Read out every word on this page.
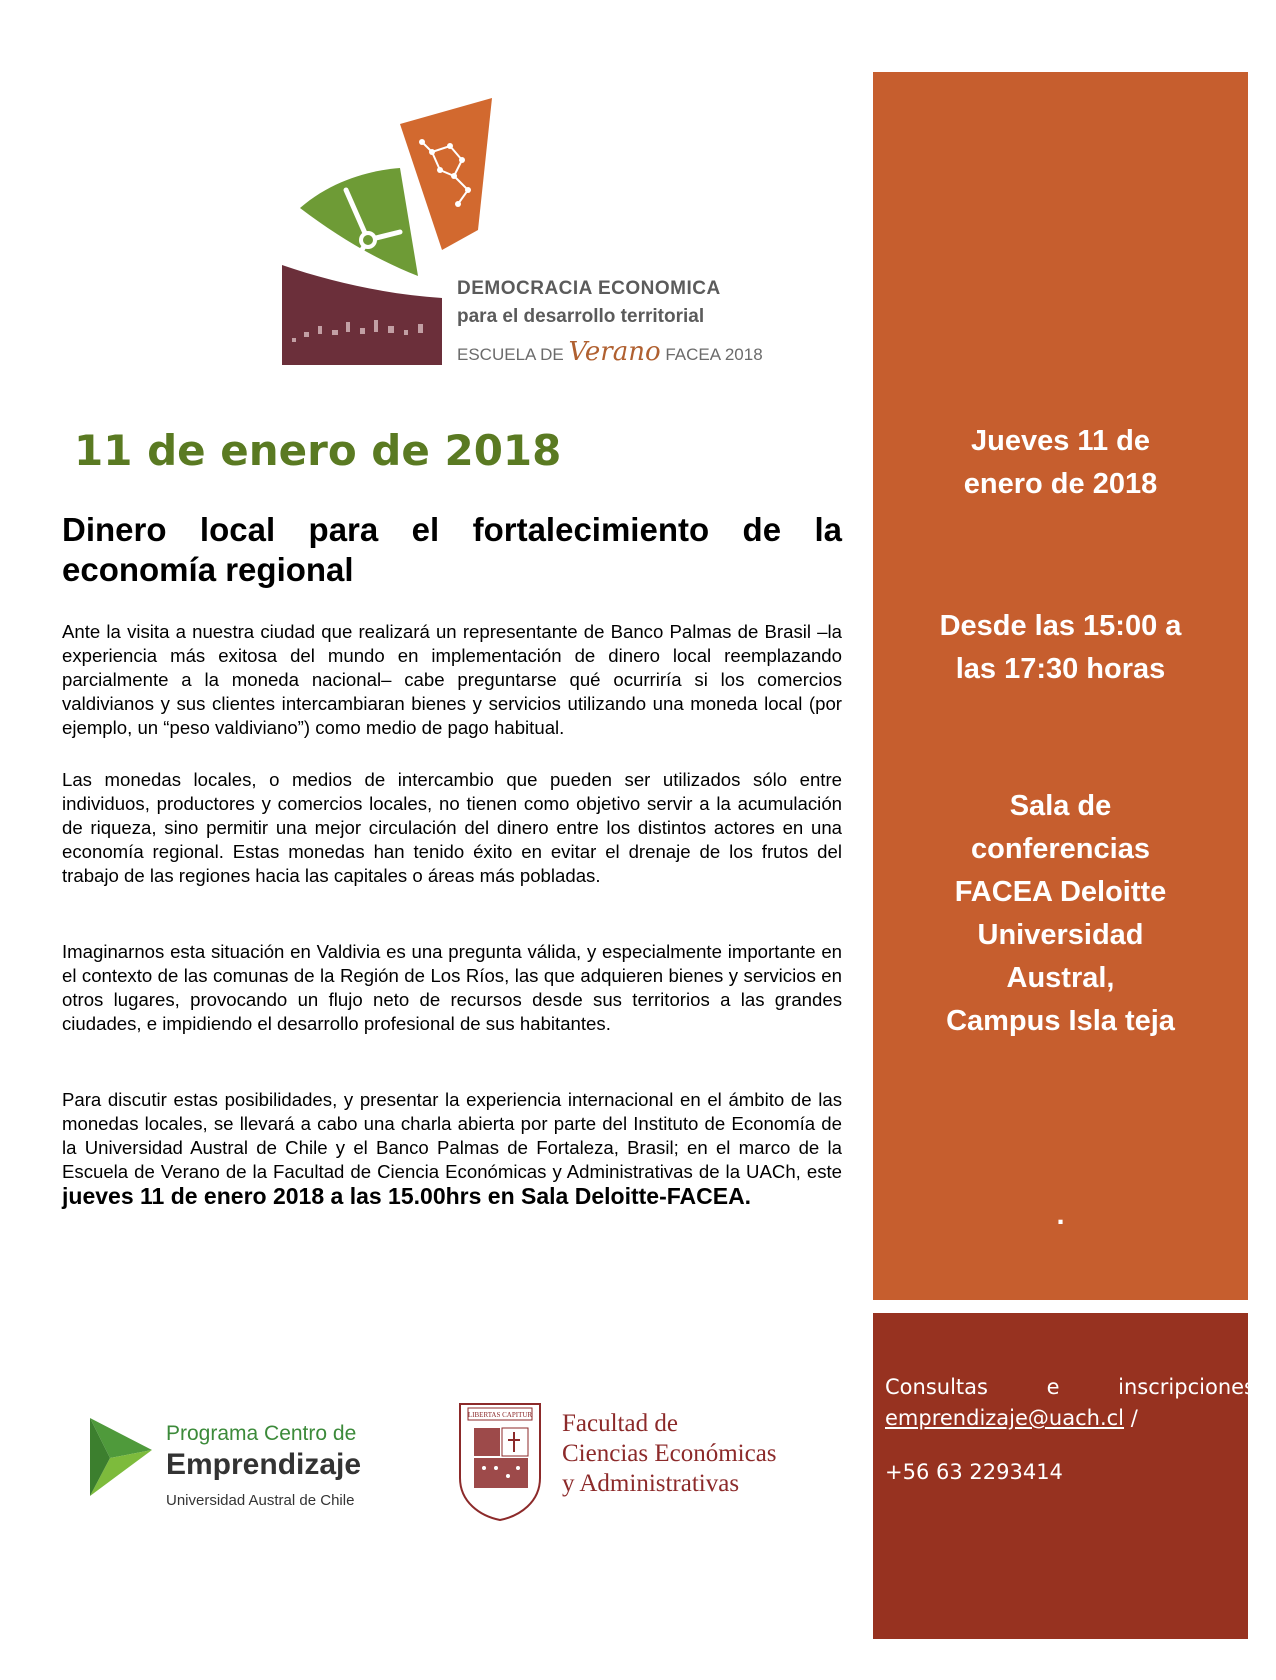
DEMOCRACIA ECONOMICA
para el desarrollo territorial
ESCUELA DE Verano FACEA 2018
11 de enero de 2018
Dinero local para el fortalecimiento de la economía regional
Ante la visita a nuestra ciudad que realizará un representante de Banco Palmas de Brasil –la experiencia más exitosa del mundo en implementación de dinero local reemplazando parcialmente a la moneda nacional– cabe preguntarse qué ocurriría si los comercios valdivianos y sus clientes intercambiaran bienes y servicios utilizando una moneda local (por ejemplo, un “peso valdiviano”) como medio de pago habitual.
Las monedas locales, o medios de intercambio que pueden ser utilizados sólo entre individuos, productores y comercios locales, no tienen como objetivo servir a la acumulación de riqueza, sino permitir una mejor circulación del dinero entre los distintos actores en una economía regional. Estas monedas han tenido éxito en evitar el drenaje de los frutos del trabajo de las regiones hacia las capitales o áreas más pobladas.
Imaginarnos esta situación en Valdivia es una pregunta válida, y especialmente importante en el contexto de las comunas de la Región de Los Ríos, las que adquieren bienes y servicios en otros lugares, provocando un flujo neto de recursos desde sus territorios a las grandes ciudades, e impidiendo el desarrollo profesional de sus habitantes.
Para discutir estas posibilidades, y presentar la experiencia internacional en el ámbito de las monedas locales, se llevará a cabo una charla abierta por parte del Instituto de Economía de la Universidad Austral de Chile y el Banco Palmas de Fortaleza, Brasil; en el marco de la Escuela de Verano de la Facultad de Ciencia Económicas y Administrativas de la UACh, este jueves 11 de enero 2018 a las 15.00hrs en Sala Deloitte-FACEA.
Jueves 11 de
enero de 2018
Desde las 15:00 a
las 17:30 horas
Sala de
conferencias
FACEA Deloitte
Universidad
Austral,
Campus Isla teja
.
Consultas	e	inscripciones
emprendizaje@uach.cl /
+56 63 2293414
Programa Centro de
Emprendizaje
Universidad Austral de Chile
LIBERTAS CAPITUR Facultad de
Ciencias Económicas
y Administrativas
